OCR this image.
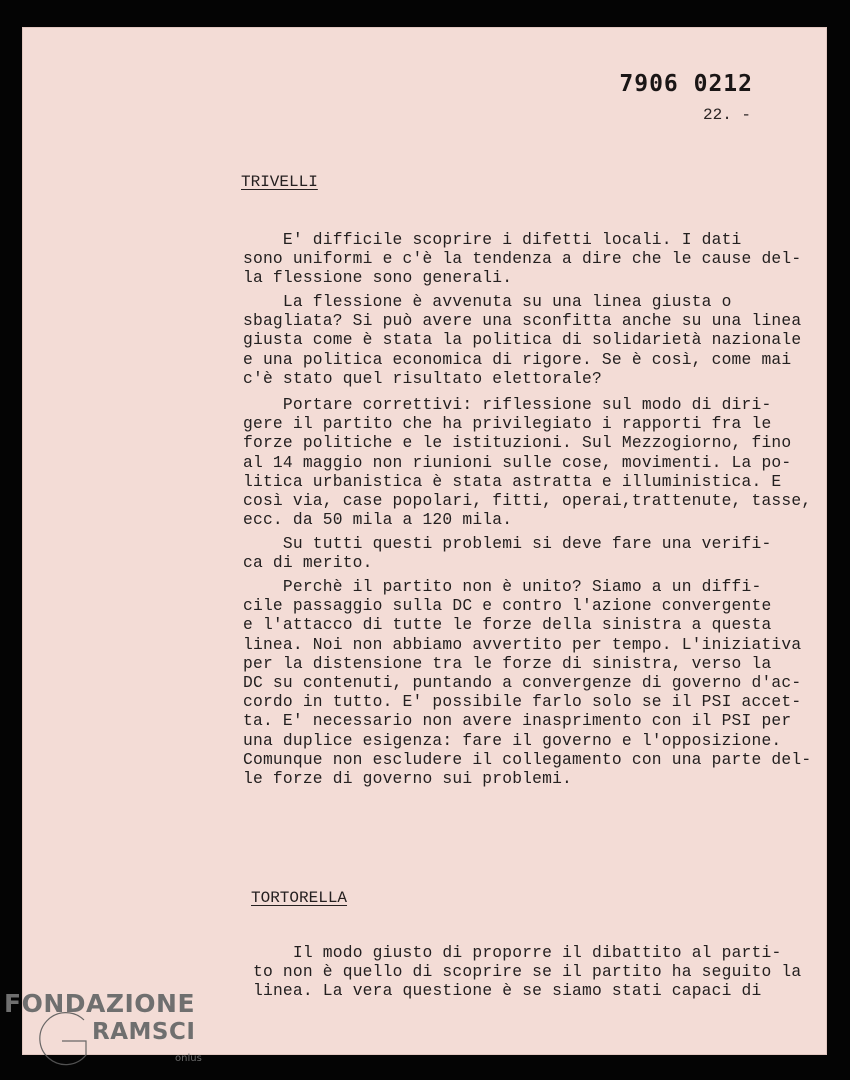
7906 0212
22. -
TRIVELLI

E' difficile scoprire i difetti locali. I dati
sono uniformi e c'è la tendenza a dire che le cause del-
la flessione sono generali.

La flessione è avvenuta su una linea giusta o
sbagliata? Si può avere una sconfitta anche su una linea
giusta come è stata la politica di solidarietà nazionale
e una politica economica di rigore. Se è così, come mai
c'è stato quel risultato elettorale?

Portare correttivi: riflessione sul modo di diri-
gere il partito che ha privilegiato i rapporti fra le
forze politiche e le istituzioni. Sul Mezzogiorno, fino
al 14 maggio non riunioni sulle cose, movimenti. La po-
litica urbanistica è stata astratta e illuministica. E
così via, case popolari, fitti, operai,trattenute, tasse,
ecc. da 50 mila a 120 mila.

Su tutti questi problemi si deve fare una verifi-
ca di merito.

Perchè il partito non è unito? Siamo a un diffi-
cile passaggio sulla DC e contro l'azione convergente
e l'attacco di tutte le forze della sinistra a questa
linea. Noi non abbiamo avvertito per tempo. L'iniziativa
per la distensione tra le forze di sinistra, verso la
DC su contenuti, puntando a convergenze di governo d'ac-
cordo in tutto. E' possibile farlo solo se il PSI accet-
ta. E' necessario non avere inasprimento con il PSI per
una duplice esigenza: fare il governo e l'opposizione.
Comunque non escludere il collegamento con una parte del-
le forze di governo sui problemi.

TORTORELLA

Il modo giusto di proporre il dibattito al parti-
to non è quello di scoprire se il partito ha seguito la
linea. La vera questione è se siamo stati capaci di

FONDAZIONE
RAMSCI
onlus
